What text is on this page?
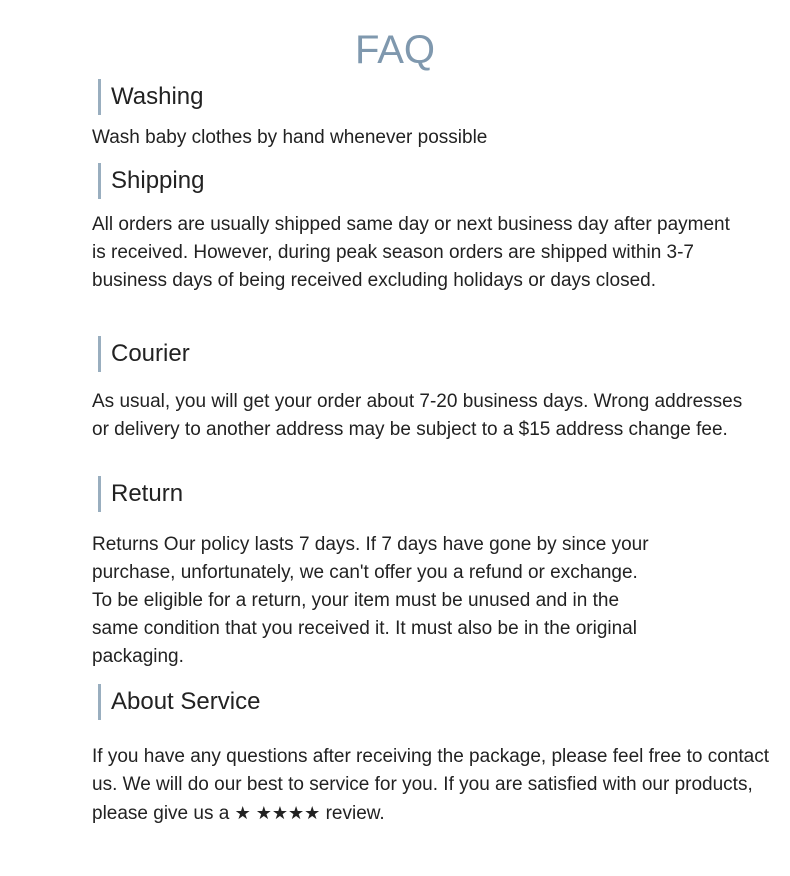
FAQ
Washing
Wash baby clothes by hand whenever possible
Shipping
All orders are usually shipped same day or next business day after payment is received. However, during peak season orders are shipped within 3-7 business days of being received excluding holidays or days closed.
Courier
As usual, you will get your order about 7-20 business days. Wrong addresses or delivery to another address may be subject to a $15 address change fee.
Return
Returns Our policy lasts 7 days. If 7 days have gone by since your purchase, unfortunately, we can't offer you a refund or exchange. To be eligible for a return, your item must be unused and in the same condition that you received it. It must also be in the original packaging.
About Service
If you have any questions after receiving the package, please feel free to contact us. We will do our best to service for you. If you are satisfied with our products, please give us a ★ ★★★★ review.
